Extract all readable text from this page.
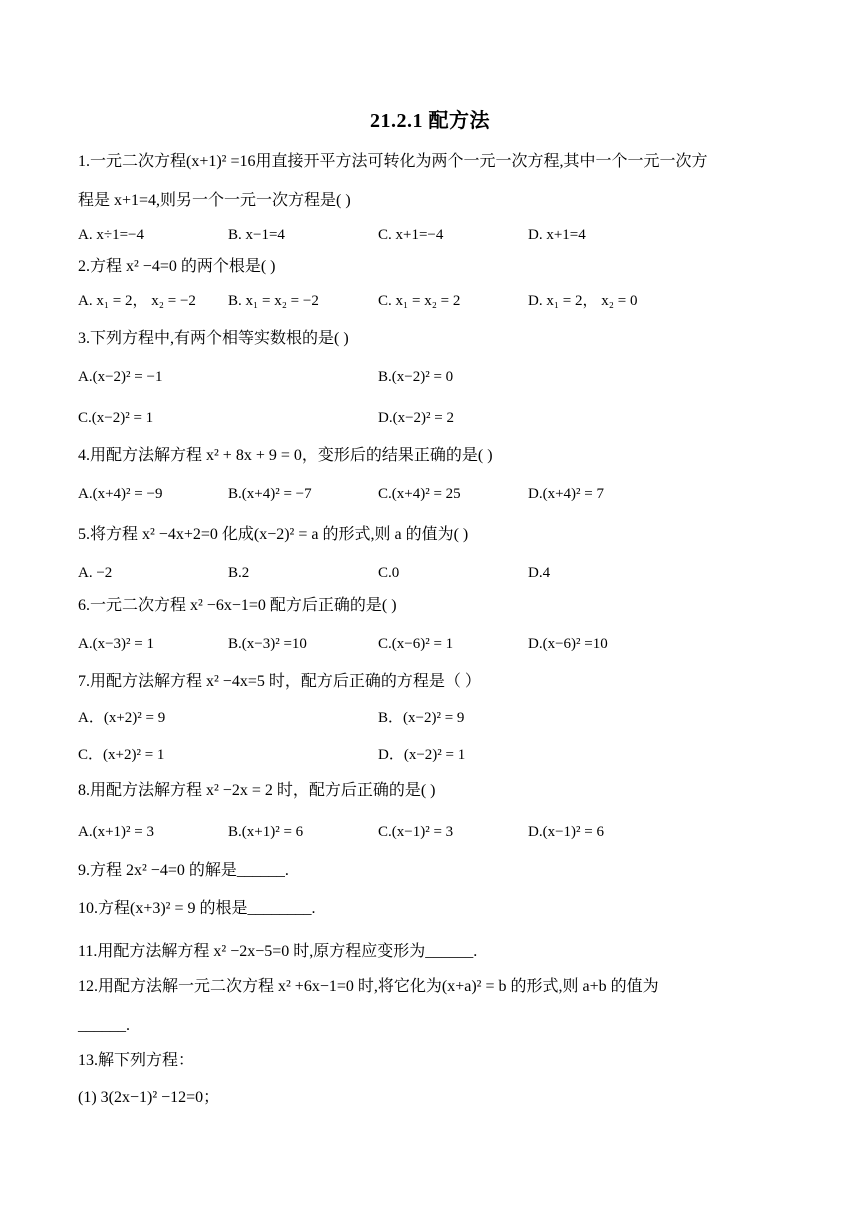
21.2.1 配方法
1.一元二次方程(x+1)² =16用直接开平方法可转化为两个一元一次方程,其中一个一元一次方
程是 x+1=4,则另一个一元一次方程是( )
A. x÷1=−4	B. x−1=4	C. x+1=−4	D. x+1=4
2.方程 x² −4=0 的两个根是( )
A. x₁ = 2， x₂ = −2 B. x₁ = x₂ = −2	C. x₁ = x₂ = 2	D. x₁ = 2， x₂ = 0
3.下列方程中,有两个相等实数根的是( )
A.(x−2)² = −1	B.(x−2)² = 0
C.(x−2)² = 1	D.(x−2)² = 2
4.用配方法解方程 x² + 8x + 9 = 0，变形后的结果正确的是( )
A.(x+4)² = −9	B.(x+4)² = −7	C.(x+4)² = 25	D.(x+4)² = 7
5.将方程 x² −4x+2=0 化成(x−2)² = a 的形式,则 a 的值为( )
A. −2	B.2	C.0	D.4
6.一元二次方程 x² −6x−1=0 配方后正确的是( )
A.(x−3)² = 1	B.(x−3)² =10	C.(x−6)² = 1	D.(x−6)² =10
7.用配方法解方程 x² −4x=5 时，配方后正确的方程是（ ）
A．(x+2)² = 9	B．(x−2)² = 9
C．(x+2)² = 1	D．(x−2)² = 1
8.用配方法解方程 x² −2x = 2 时，配方后正确的是( )
A.(x+1)² = 3	B.(x+1)² = 6	C.(x−1)² = 3	D.(x−1)² = 6
9.方程 2x² −4=0 的解是______.
10.方程(x+3)² = 9 的根是________.
11.用配方法解方程 x² −2x−5=0 时,原方程应变形为______.
12.用配方法解一元二次方程 x² +6x−1=0 时,将它化为(x+a)² = b 的形式,则 a+b 的值为
______.
13.解下列方程：
(1) 3(2x−1)² −12=0；
